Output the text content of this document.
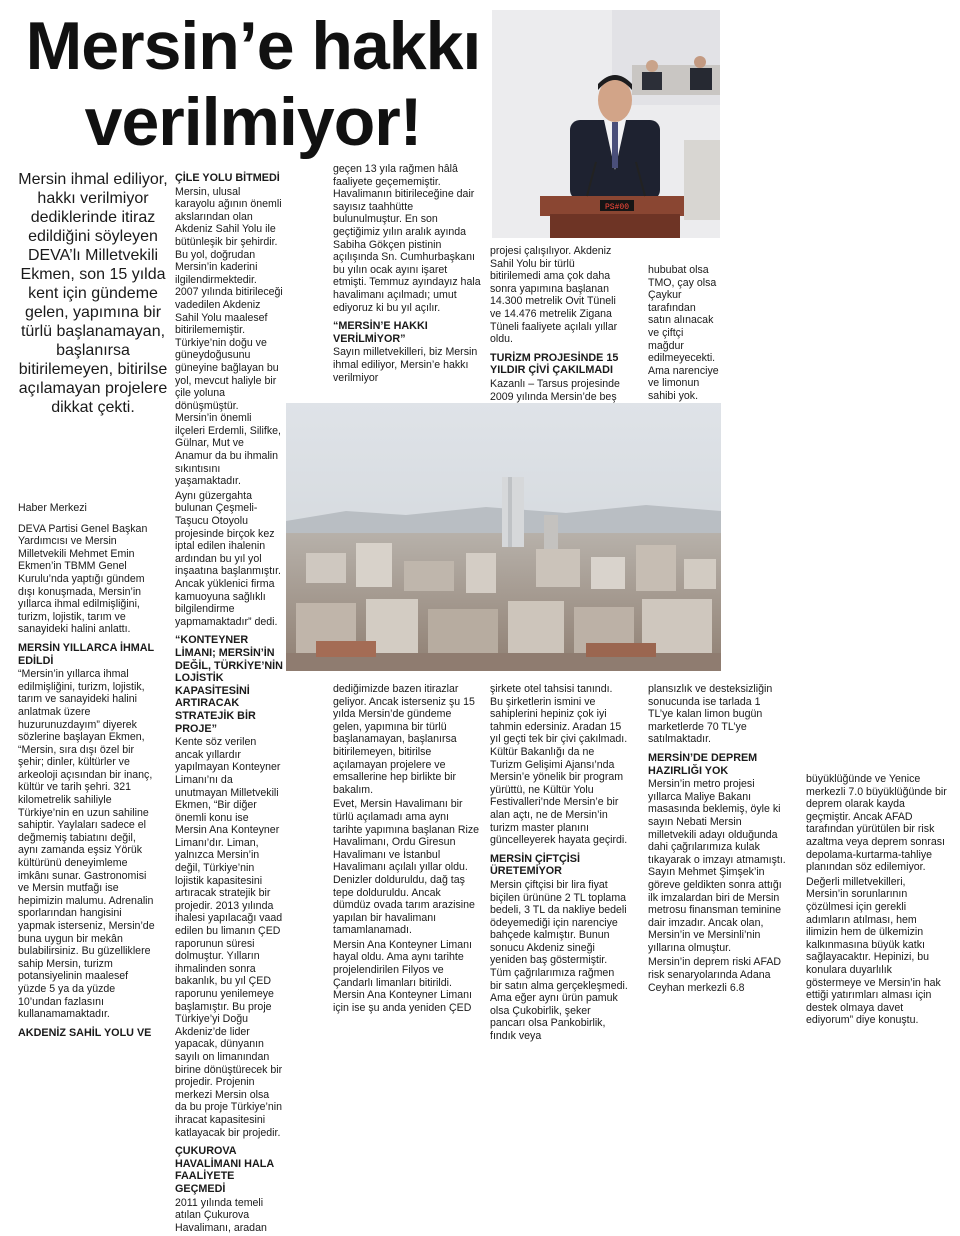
Mersin’e hakkı
verilmiyor!
Mersin ihmal ediliyor, hakkı verilmiyor dediklerinde itiraz edildiğini söyleyen DEVA’lı Milletvekili Ekmen, son 15 yılda kent için gündeme gelen, yapımına bir türlü başlanamayan, başlanırsa bitirilemeyen, bitirilse açılamayan projelere dikkat çekti.

Haber Merkezi

DEVA Partisi Genel Başkan Yardımcısı ve Mersin Milletvekili Mehmet Emin Ekmen’in TBMM Genel Kurulu’nda yaptığı gündem dışı konuşmada, Mersin’in yıllarca ihmal edilmişliğini, turizm, lojistik, tarım ve sanayideki halini anlattı.

MERSİN YILLARCA İHMAL EDİLDİ

“Mersin’in yıllarca ihmal edilmişliğini, turizm, lojistik, tarım ve sanayideki halini anlatmak üzere huzurunuzdayım” diyerek sözlerine başlayan Ekmen, “Mersin, sıra dışı özel bir şehir; dinler, kültürler ve arkeoloji açısından bir inanç, kültür ve tarih şehri. 321 kilometrelik sahiliyle Türkiye’nin en uzun sahiline sahiptir. Yaylaları sadece el değmemiş tabiatını değil, aynı zamanda eşsiz Yörük kültürünü deneyimleme imkânı sunar. Gastronomisi ve Mersin mutfağı ise hepimizin malumu. Adrenalin sporlarından hangisini yapmak isterseniz, Mersin’de buna uygun bir mekân bulabilirsiniz. Bu güzelliklere sahip Mersin, turizm potansiyelinin maalesef yüzde 5 ya da yüzde 10’undan fazlasını kullanamamaktadır.

AKDENİZ SAHİL YOLU VE
ÇİLE YOLU BİTMEDİ

Mersin, ulusal karayolu ağının önemli akslarından olan Akdeniz Sahil Yolu ile bütünleşik bir şehirdir. Bu yol, doğrudan Mersin’in kaderini ilgilendirmektedir. 2007 yılında bitirileceği vadedilen Akdeniz Sahil Yolu maalesef bitirilememiştir. Türkiye’nin doğu ve güneydoğusunu güneyine bağlayan bu yol, mevcut haliyle bir çile yoluna dönüşmüştür. Mersin’in önemli ilçeleri Erdemli, Silifke, Gülnar, Mut ve Anamur da bu ihmalin sıkıntısını yaşamaktadır.

Aynı güzergahta bulunan Çeşmeli-Taşucu Otoyolu projesinde birçok kez iptal edilen ihalenin ardından bu yıl yol inşaatına başlanmıştır. Ancak yüklenici firma kamuoyuna sağlıklı bilgilendirme yapmamaktadır” dedi.

“KONTEYNER LİMANI; MERSİN’İN DEĞİL, TÜRKİYE’NİN LOJİSTİK KAPASİTESİNİ ARTIRACAK STRATEJİK BİR PROJE”

Kente söz verilen ancak yıllardır yapılmayan Konteyner Limanı’nı da unutmayan Milletvekili Ekmen, “Bir diğer önemli konu ise Mersin Ana Konteyner Limanı’dır. Liman, yalnızca Mersin’in değil, Türkiye’nin lojistik kapasitesini artıracak stratejik bir projedir. 2013 yılında ihalesi yapılacağı vaad edilen bu limanın ÇED raporunun süresi dolmuştur. Yılların ihmalinden sonra bakanlık, bu yıl ÇED raporunu yenilemeye başlamıştır. Bu proje Türkiye’yi Doğu Akdeniz’de lider yapacak, dünyanın sayılı on limanından birine dönüştürecek bir projedir. Projenin merkezi Mersin olsa da bu proje Türkiye’nin ihracat kapasitesini katlayacak bir projedir.

ÇUKUROVA HAVALİMANI HALA FAALİYETE GEÇMEDİ

2011 yılında temeli atılan Çukurova Havalimanı, aradan

geçen 13 yıla rağmen hâlâ faaliyete geçememiştir. Havalimanın bitirileceğine dair sayısız taahhütte bulunulmuştur. En son geçtiğimiz yılın aralık ayında Sabiha Gökçen pistinin açılışında Sn. Cumhurbaşkanı bu yılın ocak ayını işaret etmişti. Temmuz ayındayız hala havalimanı açılmadı; umut ediyoruz ki bu yıl açılır.

“MERSİN’E HAKKI VERİLMİYOR”

Sayın milletvekilleri, biz Mersin ihmal ediliyor, Mersin’e hakkı verilmiyor

PS#00

projesi çalışılıyor. Akdeniz Sahil Yolu bir türlü bitirilemedi ama çok daha sonra yapımına başlanan 14.300 metrelik Ovit Tüneli ve 14.476 metrelik Zigana Tüneli faaliyete açılalı yıllar oldu.

TURİZM PROJESİNDE 15 YILDIR ÇİVİ ÇAKILMADI

Kazanlı – Tarsus projesinde 2009 yılında Mersin’de beş

hububat olsa TMO, çay olsa Çaykur tarafından satın alınacak ve çiftçi mağdur edilmeyecekti. Ama narenciye ve limonun sahibi yok.

dediğimizde bazen itirazlar geliyor. Ancak isterseniz şu 15 yılda Mersin’de gündeme gelen, yapımına bir türlü başlanamayan, başlanırsa bitirilemeyen, bitirilse açılamayan projelere ve emsallerine hep birlikte bir bakalım.

Evet, Mersin Havalimanı bir türlü açılamadı ama aynı tarihte yapımına başlanan Rize Havalimanı, Ordu Giresun Havalimanı ve İstanbul Havalimanı açılalı yıllar oldu. Denizler dolduruldu, dağ taş tepe dolduruldu. Ancak dümdüz ovada tarım arazisine yapılan bir havalimanı tamamlanamadı.

Mersin Ana Konteyner Limanı hayal oldu. Ama aynı tarihte projelendirilen Filyos ve Çandarlı limanları bitirildi. Mersin Ana Konteyner Limanı için ise şu anda yeniden ÇED

şirkete otel tahsisi tanındı. Bu şirketlerin ismini ve sahiplerini hepiniz çok iyi tahmin edersiniz. Aradan 15 yıl geçti tek bir çivi çakılmadı. Kültür Bakanlığı da ne Turizm Gelişimi Ajansı’nda Mersin’e yönelik bir program yürüttü, ne Kültür Yolu Festivalleri’nde Mersin’e bir alan açtı, ne de Mersin’in turizm master planını güncelleyerek hayata geçirdi.

MERSİN ÇİFTÇİSİ ÜRETEMİYOR

Mersin çiftçisi bir lira fiyat biçilen ürününe 2 TL toplama bedeli, 3 TL da nakliye bedeli ödeyemediği için narenciye bahçede kalmıştır. Bunun sonucu Akdeniz sineği yeniden baş göstermiştir. Tüm çağrılarımıza rağmen bir satın alma gerçekleşmedi. Ama eğer aynı ürün pamuk olsa Çukobirlik, şeker pancarı olsa Pankobirlik, fındık veya

plansızlık ve desteksizliğin sonucunda ise tarlada 1 TL’ye kalan limon bugün marketlerde 70 TL’ye satılmaktadır.

MERSİN’DE DEPREM HAZIRLIĞI YOK

Mersin’in metro projesi yıllarca Maliye Bakanı masasında beklemiş, öyle ki sayın Nebati Mersin milletvekili adayı olduğunda dahi çağrılarımıza kulak tıkayarak o imzayı atmamıştı. Sayın Mehmet Şimşek’in göreve geldikten sonra attığı ilk imzalardan biri de Mersin metrosu finansman teminine dair imzadır. Ancak olan, Mersin’in ve Mersinli’nin yıllarına olmuştur.

Mersin’in deprem riski AFAD risk senaryolarında Adana Ceyhan merkezli 6.8

büyüklüğünde ve Yenice merkezli 7.0 büyüklüğünde bir deprem olarak kayda geçmiştir. Ancak AFAD tarafından yürütülen bir risk azaltma veya deprem sonrası depolama-kurtarma-tahliye planından söz edilemiyor.

Değerli milletvekilleri, Mersin’in sorunlarının çözülmesi için gerekli adımların atılması, hem ilimizin hem de ülkemizin kalkınmasına büyük katkı sağlayacaktır. Hepinizi, bu konulara duyarlılık göstermeye ve Mersin’in hak ettiği yatırımları alması için destek olmaya davet ediyorum” diye konuştu.
